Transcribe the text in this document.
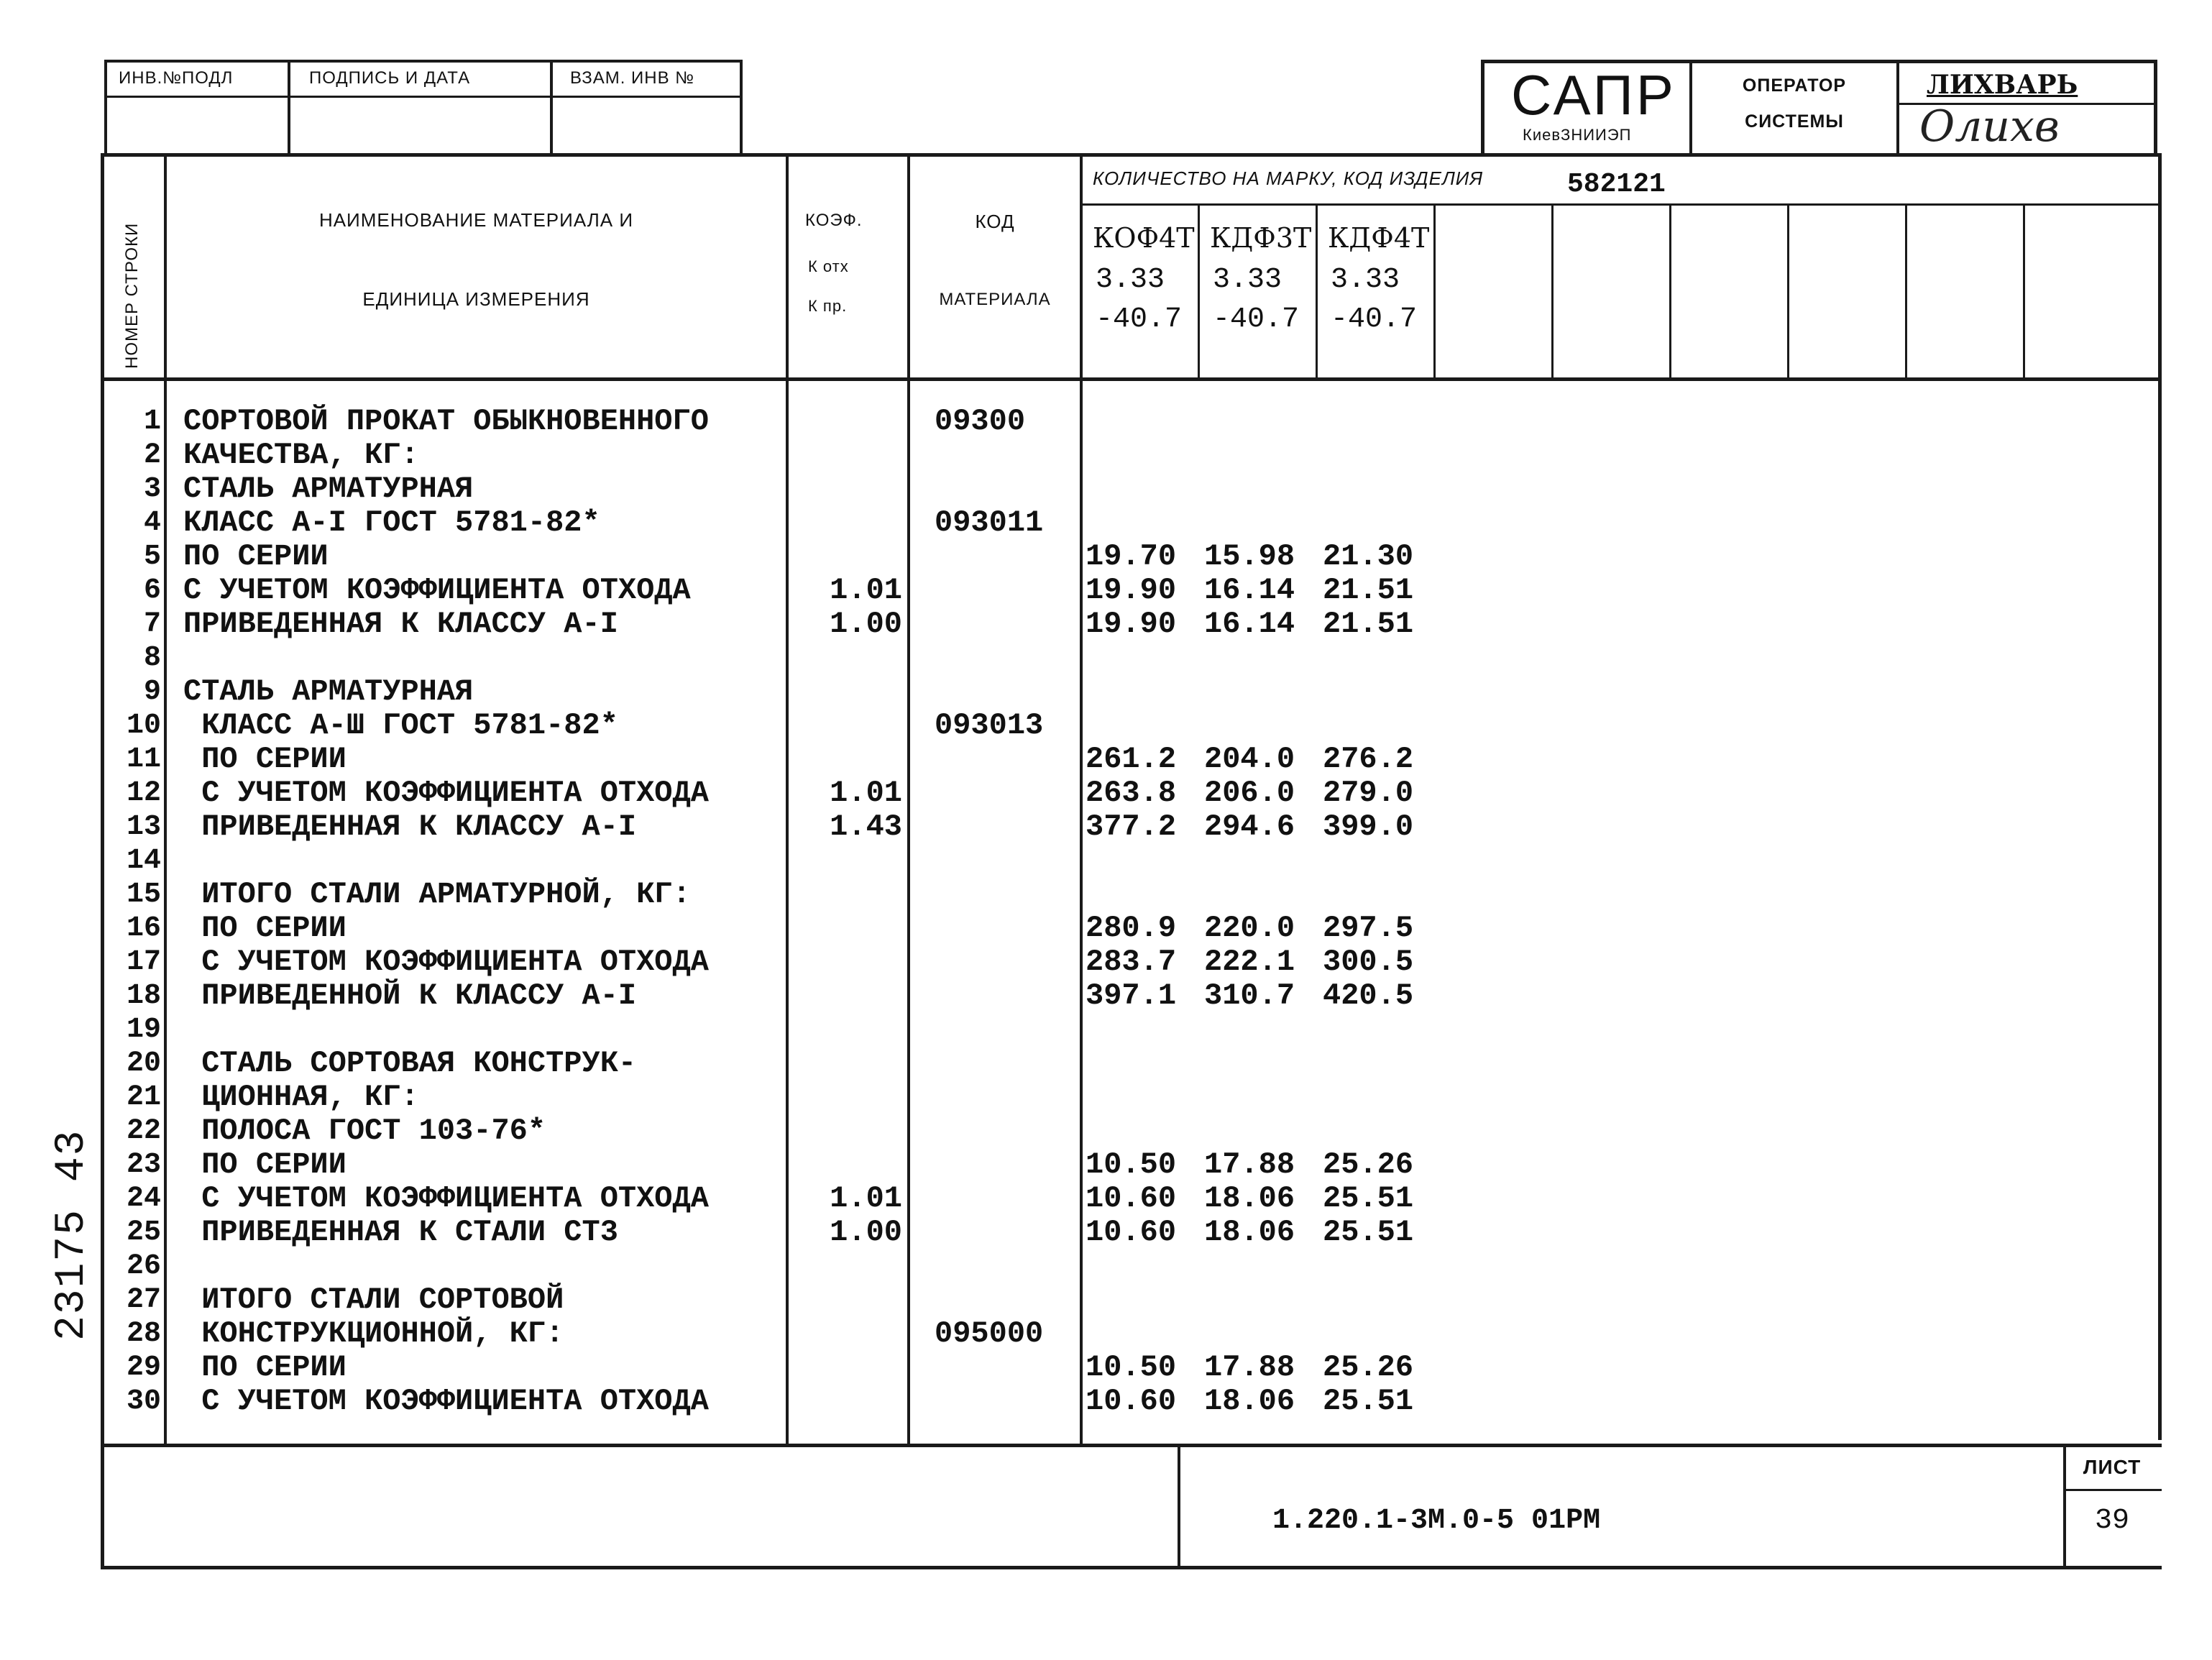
ИНВ.№ПОДЛ	ПОДПИСЬ И ДАТА	ВЗАМ. ИНВ №	САПР
КиевЗНИИЭП
ОПЕРАТОР
СИСТЕМЫ
ЛИХВАРЬ
Олихв
23175 43
НОМЕР СТРОКИ
НАИМЕНОВАНИЕ МАТЕРИАЛА И
ЕДИНИЦА ИЗМЕРЕНИЯ
КОЭФ.
К отх
К пр.
КОД
МАТЕРИАЛА
КОЛИЧЕСТВО НА МАРКУ, КОД ИЗДЕЛИЯ	582121
КОФ4Т
3.33
-40.7
КДФ3Т
3.33
-40.7
КДФ4Т
3.33
-40.7
1 СОРТОВОЙ ПРОКАТ ОБЫКНОВЕННОГО	09300
2 КАЧЕСТВА, КГ:
3 СТАЛЬ АРМАТУРНАЯ
4 КЛАСС А-I ГОСТ 5781-82*	093011
5 ПО СЕРИИ	19.70 15.98 21.30
6 С УЧЕТОМ КОЭФФИЦИЕНТА ОТХОДА	1.01	19.90 16.14 21.51
7 ПРИВЕДЕННАЯ К КЛАССУ А-I	1.00	19.90 16.14 21.51
8
9 СТАЛЬ АРМАТУРНАЯ
10 КЛАСС А-Ш ГОСТ 5781-82*	093013
11 ПО СЕРИИ	261.2 204.0 276.2
12 С УЧЕТОМ КОЭФФИЦИЕНТА ОТХОДА	1.01	263.8 206.0 279.0
13 ПРИВЕДЕННАЯ К КЛАССУ А-I	1.43	377.2 294.6 399.0
14
15 ИТОГО СТАЛИ АРМАТУРНОЙ, КГ:
16 ПО СЕРИИ	280.9 220.0 297.5
17 С УЧЕТОМ КОЭФФИЦИЕНТА ОТХОДА	283.7 222.1 300.5
18 ПРИВЕДЕННОЙ К КЛАССУ А-I	397.1 310.7 420.5
19
20 СТАЛЬ СОРТОВАЯ КОНСТРУК-
21 ЦИОННАЯ, КГ:
22 ПОЛОСА ГОСТ 103-76*
23 ПО СЕРИИ	10.50 17.88 25.26
24 С УЧЕТОМ КОЭФФИЦИЕНТА ОТХОДА	1.01	10.60 18.06 25.51
25 ПРИВЕДЕННАЯ К СТАЛИ СТ3	1.00	10.60 18.06 25.51
26
27 ИТОГО СТАЛИ СОРТОВОЙ
28 КОНСТРУКЦИОННОЙ, КГ:	095000
29 ПО СЕРИИ	10.50 17.88 25.26
30 С УЧЕТОМ КОЭФФИЦИЕНТА ОТХОДА	10.60 18.06 25.51
1.220.1-3М.0-5 01РМ
ЛИСТ
39
